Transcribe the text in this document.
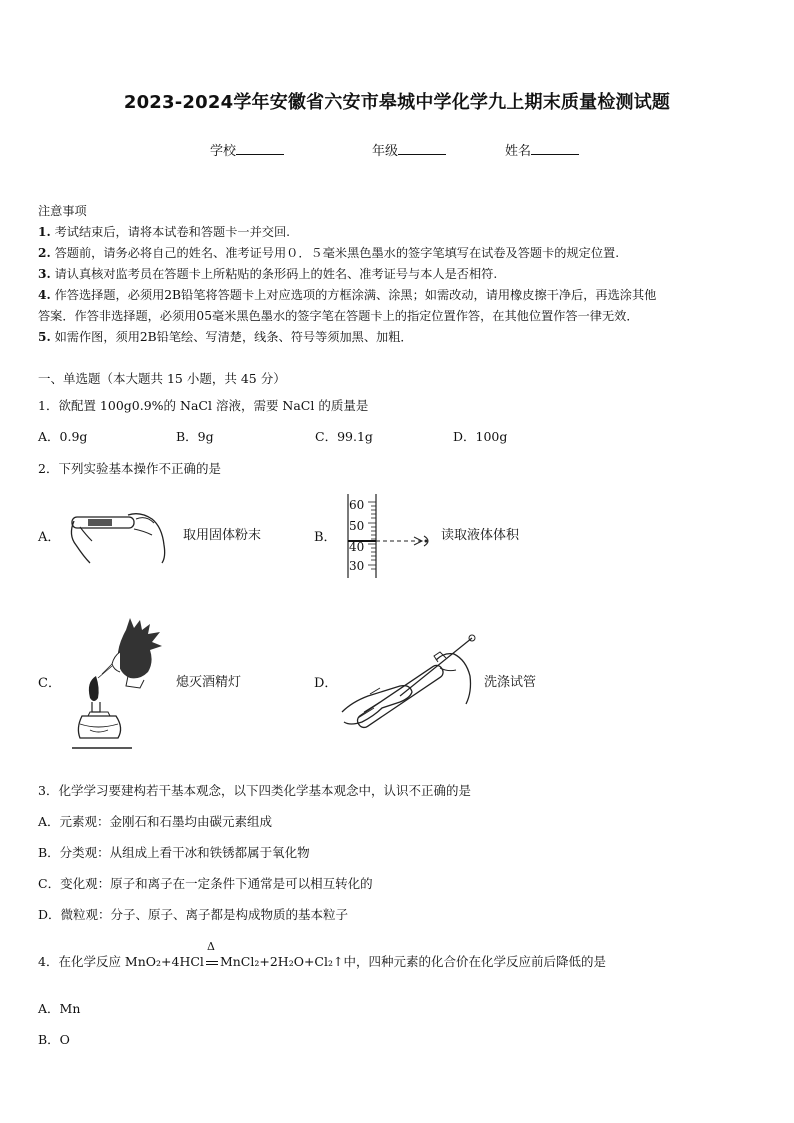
2023-2024学年安徽省六安市皋城中学化学九上期末质量检测试题
学校	年级	姓名
注意事项
1. 考试结束后，请将本试卷和答题卡一并交回.
2. 答题前，请务必将自己的姓名、准考证号用０．５毫米黑色墨水的签字笔填写在试卷及答题卡的规定位置.
3. 请认真核对监考员在答题卡上所粘贴的条形码上的姓名、准考证号与本人是否相符.
4. 作答选择题，必须用2B铅笔将答题卡上对应选项的方框涂满、涂黑；如需改动，请用橡皮擦干净后，再选涂其他
答案．作答非选择题，必须用05毫米黑色墨水的签字笔在答题卡上的指定位置作答，在其他位置作答一律无效．
5. 如需作图，须用2B铅笔绘、写清楚，线条、符号等须加黑、加粗．
一、单选题（本大题共 15 小题，共 45 分）
1．欲配置 100g0.9%的 NaCl 溶液，需要 NaCl 的质量是
A．0.9g	B．9g	C．99.1g	D．100g
2．下列实验基本操作不正确的是
A．	取用固体粉末	B．
60
50
40
30
读取液体体积
C．	熄灭酒精灯	D．	洗涤试管
3．化学学习要建构若干基本观念，以下四类化学基本观念中，认识不正确的是
A．元素观：金刚石和石墨均由碳元素组成
B．分类观：从组成上看干冰和铁锈都属于氧化物
C．变化观：原子和离子在一定条件下通常是可以相互转化的
D．微粒观：分子、原子、离子都是构成物质的基本粒子
4．在化学反应 MnO₂+4HCl
Δ
MnCl₂+2H₂O+Cl₂↑中，四种元素的化合价在化学反应前后降低的是
A．Mn
B．O
